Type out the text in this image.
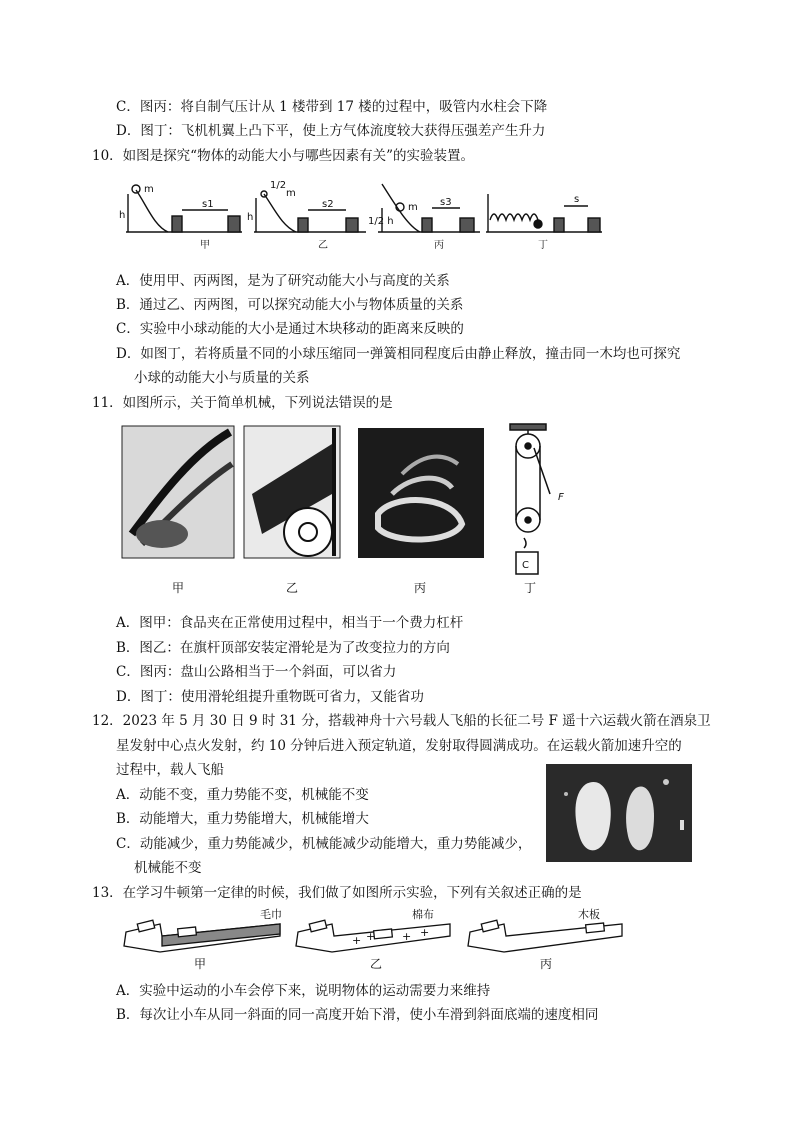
C．图丙：将自制气压计从 1 楼带到 17 楼的过程中，吸管内水柱会下降
D．图丁：飞机机翼上凸下平，使上方气体流度较大获得压强差产生升力
10．如图是探究“物体的动能大小与哪些因素有关”的实验装置。
m
h
s1
甲
1/2
m
h
s2
乙
1/2 h
m s3
丙
s
丁
A．使用甲、丙两图，是为了研究动能大小与高度的关系
B．通过乙、丙两图，可以探究动能大小与物体质量的关系
C．实验中小球动能的大小是通过木块移动的距离来反映的
D．如图丁，若将质量不同的小球压缩同一弹簧相同程度后由静止释放，撞击同一木均也可探究
小球的动能大小与质量的关系
11．如图所示，关于简单机械，下列说法错误的是
F
C
甲	乙	丙	丁
A．图甲：食品夹在正常使用过程中，相当于一个费力杠杆
B．图乙：在旗杆顶部安装定滑轮是为了改变拉力的方向
C．图丙：盘山公路相当于一个斜面，可以省力
D．图丁：使用滑轮组提升重物既可省力，又能省功
12．2023 年 5 月 30 日 9 时 31 分，搭载神舟十六号载人飞船的长征二号 F 遥十六运载火箭在酒泉卫
星发射中心点火发射，约 10 分钟后进入预定轨道，发射取得圆满成功。在运载火箭加速升空的
过程中，载人飞船
A．动能不变，重力势能不变，机械能不变
B．动能增大，重力势能增大，机械能增大
C．动能减少，重力势能减少，机械能减少动能增大，重力势能减少，
机械能不变
13．在学习牛顿第一定律的时候，我们做了如图所示实验，下列有关叙述正确的是
+ + + +
毛巾	棉布	木板
甲	乙	丙
A．实验中运动的小车会停下来，说明物体的运动需要力来维持
B．每次让小车从同一斜面的同一高度开始下滑，使小车滑到斜面底端的速度相同
